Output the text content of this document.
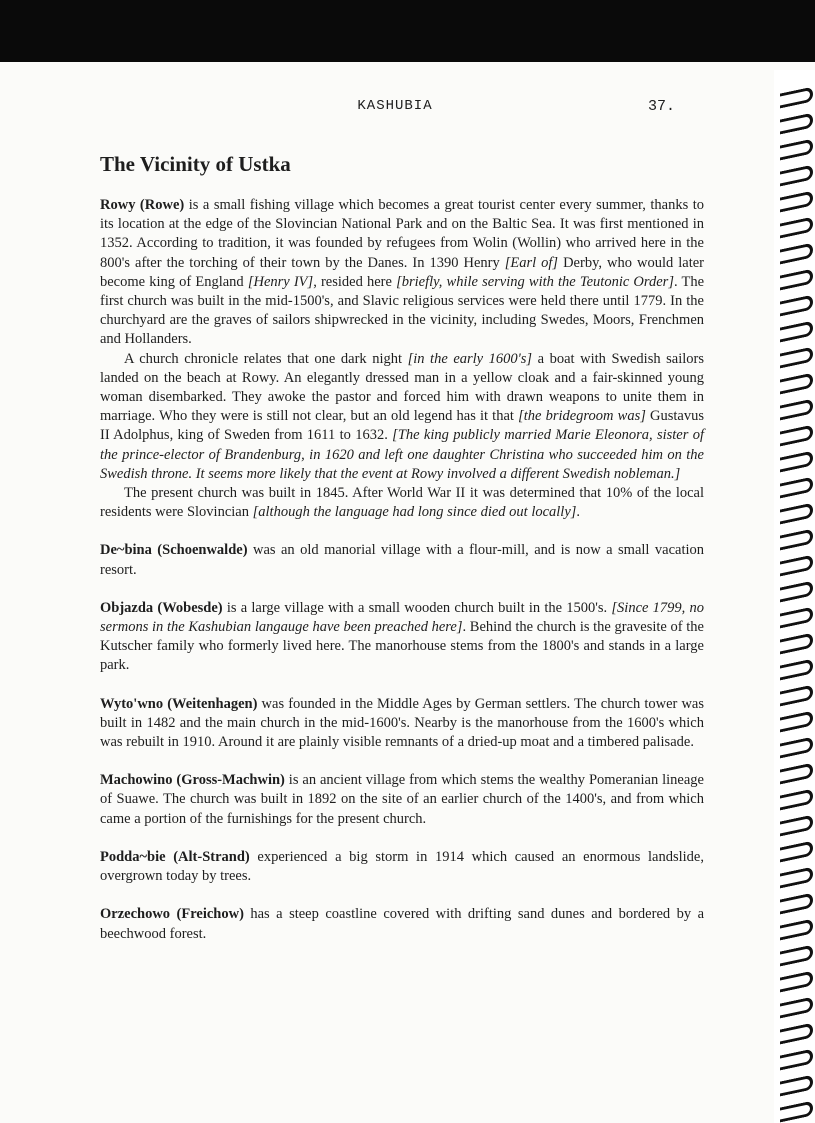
KASHUBIA	37.
The Vicinity of Ustka

Rowy (Rowe) is a small fishing village which becomes a great tourist center every summer, thanks to its location at the edge of the Slovincian National Park and on the Baltic Sea. It was first mentioned in 1352. According to tradition, it was founded by refugees from Wolin (Wollin) who arrived here in the 800's after the torching of their town by the Danes. In 1390 Henry [Earl of] Derby, who would later become king of England [Henry IV], resided here [briefly, while serving with the Teutonic Order]. The first church was built in the mid-1500's, and Slavic religious services were held there until 1779. In the churchyard are the graves of sailors shipwrecked in the vicinity, including Swedes, Moors, Frenchmen and Hollanders.

A church chronicle relates that one dark night [in the early 1600's] a boat with Swedish sailors landed on the beach at Rowy. An elegantly dressed man in a yellow cloak and a fair-skinned young woman disembarked. They awoke the pastor and forced him with drawn weapons to unite them in marriage. Who they were is still not clear, but an old legend has it that [the bridegroom was] Gustavus II Adolphus, king of Sweden from 1611 to 1632. [The king publicly married Marie Eleonora, sister of the prince-elector of Brandenburg, in 1620 and left one daughter Christina who succeeded him on the Swedish throne. It seems more likely that the event at Rowy involved a different Swedish nobleman.]

The present church was built in 1845. After World War II it was determined that 10% of the local residents were Slovincian [although the language had long since died out locally].

De~bina (Schoenwalde) was an old manorial village with a flour-mill, and is now a small vacation resort.

Objazda (Wobesde) is a large village with a small wooden church built in the 1500's. [Since 1799, no sermons in the Kashubian langauge have been preached here]. Behind the church is the gravesite of the Kutscher family who formerly lived here. The manorhouse stems from the 1800's and stands in a large park.

Wyto'wno (Weitenhagen) was founded in the Middle Ages by German settlers. The church tower was built in 1482 and the main church in the mid-1600's. Nearby is the manorhouse from the 1600's which was rebuilt in 1910. Around it are plainly visible remnants of a dried-up moat and a timbered palisade.

Machowino (Gross-Machwin) is an ancient village from which stems the wealthy Pomeranian lineage of Suawe. The church was built in 1892 on the site of an earlier church of the 1400's, and from which came a portion of the furnishings for the present church.

Podda~bie (Alt-Strand) experienced a big storm in 1914 which caused an enormous landslide, overgrown today by trees.

Orzechowo (Freichow) has a steep coastline covered with drifting sand dunes and bordered by a beechwood forest.
